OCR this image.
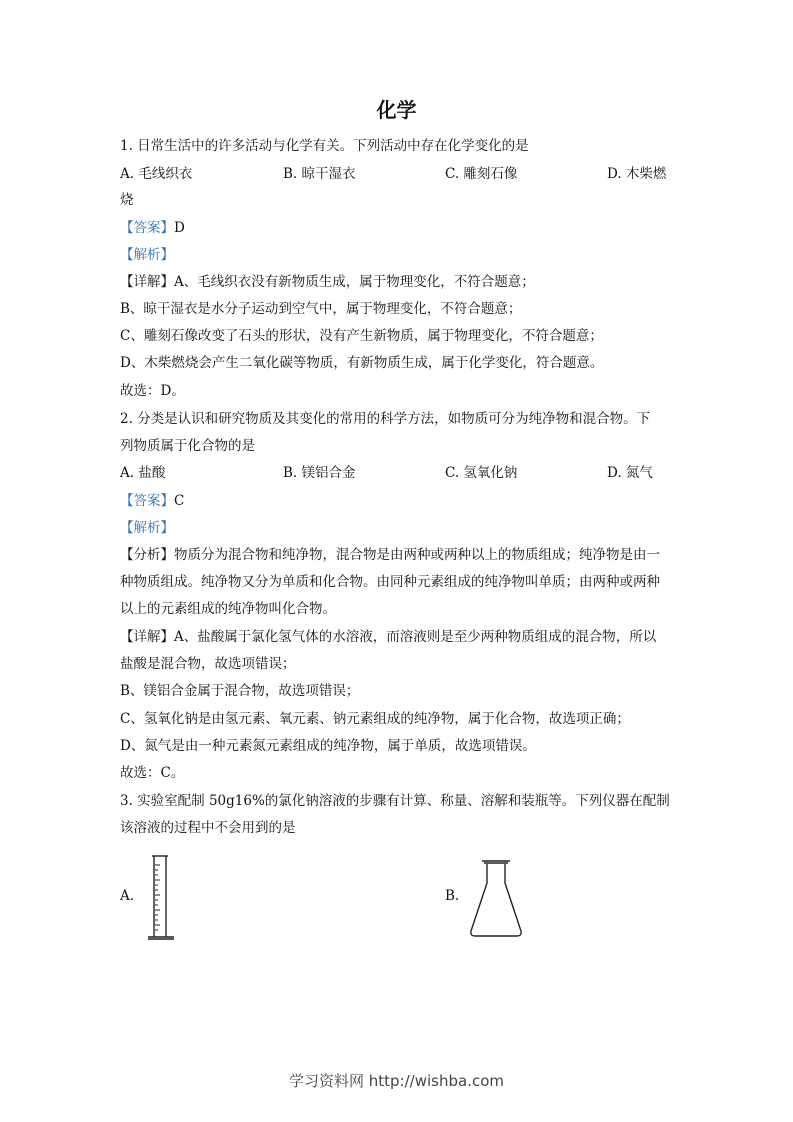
化学
1. 日常生活中的许多活动与化学有关。下列活动中存在化学变化的是
A. 毛线织衣	B. 晾干湿衣	C. 雕刻石像	D. 木柴燃
烧
【答案】D
【解析】
【详解】A、毛线织衣没有新物质生成，属于物理变化，不符合题意；
B、晾干湿衣是水分子运动到空气中，属于物理变化，不符合题意；
C、雕刻石像改变了石头的形状，没有产生新物质，属于物理变化，不符合题意；
D、木柴燃烧会产生二氧化碳等物质，有新物质生成，属于化学变化，符合题意。
故选：D。
2. 分类是认识和研究物质及其变化的常用的科学方法，如物质可分为纯净物和混合物。下
列物质属于化合物的是
A. 盐酸	B. 镁铝合金	C. 氢氧化钠	D. 氮气
【答案】C
【解析】
【分析】物质分为混合物和纯净物，混合物是由两种或两种以上的物质组成；纯净物是由一
种物质组成。纯净物又分为单质和化合物。由同种元素组成的纯净物叫单质；由两种或两种
以上的元素组成的纯净物叫化合物。
【详解】A、盐酸属于氯化氢气体的水溶液，而溶液则是至少两种物质组成的混合物，所以
盐酸是混合物，故选项错误；
B、镁铝合金属于混合物，故选项错误；
C、氢氧化钠是由氢元素、氧元素、钠元素组成的纯净物，属于化合物，故选项正确；
D、氮气是由一种元素氮元素组成的纯净物，属于单质，故选项错误。
故选：C。
3. 实验室配制 50g16%的氯化钠溶液的步骤有计算、称量、溶解和装瓶等。下列仪器在配制
该溶液的过程中不会用到的是
A.	B.
学习资料网 http://wishba.com
